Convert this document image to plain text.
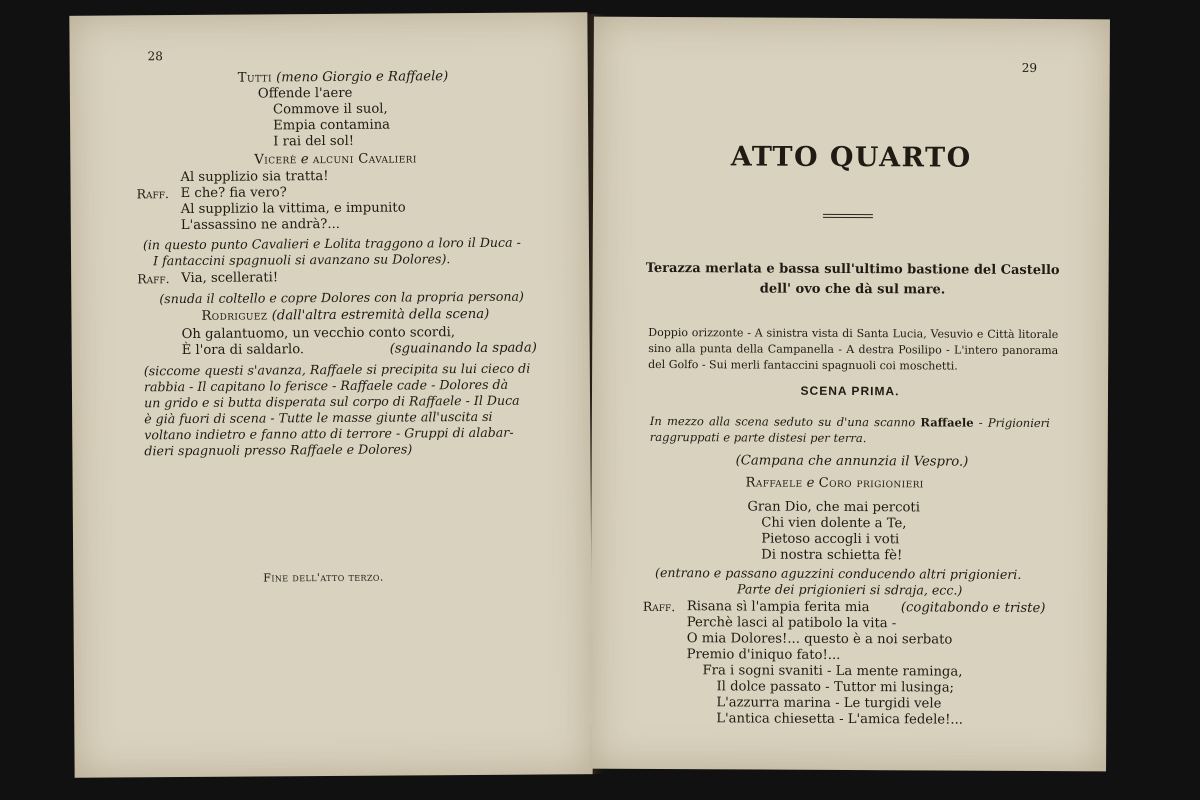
28
Tutti (meno Giorgio e Raffaele)
Offende l'aere
Commove il suol,
Empia contamina
I rai del sol!
Vicerè e alcuni Cavalieri
Al supplizio sia tratta!
Raff. E che? fia vero?
Al supplizio la vittima, e impunito
L'assassino ne andrà?...
(in questo punto Cavalieri e Lolita traggono a loro il Duca -
I fantaccini spagnuoli si avanzano su Dolores).
Raff. Via, scellerati!
(snuda il coltello e copre Dolores con la propria persona)
Rodriguez (dall'altra estremità della scena)
Oh galantuomo, un vecchio conto scordi,
È l'ora di saldarlo.	(sguainando la spada)
(siccome questi s'avanza, Raffaele si precipita su lui cieco di
rabbia - Il capitano lo ferisce - Raffaele cade - Dolores dà
un grido e si butta disperata sul corpo di Raffaele - Il Duca
è già fuori di scena - Tutte le masse giunte all'uscita si
voltano indietro e fanno atto di terrore - Gruppi di alabar-
dieri spagnuoli presso Raffaele e Dolores)
Fine dell'atto terzo.
29
ATTO QUARTO
Terazza merlata e bassa sull'ultimo bastione del Castello
dell' ovo che dà sul mare.
Doppio orizzonte - A sinistra vista di Santa Lucia, Vesuvio e Città litorale sino alla punta della Campanella - A destra Posilipo - L'intero panorama del Golfo - Sui merli fantaccini spagnuoli coi moschetti.
SCENA PRIMA.
In mezzo alla scena seduto su d'una scanno Raffaele - Prigionieri raggruppati e parte distesi per terra.
(Campana che annunzia il Vespro.)
Raffaele e Coro prigionieri
Gran Dio, che mai percoti
Chi vien dolente a Te,
Pietoso accogli i voti
Di nostra schietta fè!
(entrano e passano aguzzini conducendo altri prigionieri.
Parte dei prigionieri si sdraja, ecc.)
Raff. Risana sì l'ampia ferita mia (cogitabondo e triste)
Perchè lasci al patibolo la vita -
O mia Dolores!... questo è a noi serbato
Premio d'iniquo fato!...
Fra i sogni svaniti - La mente raminga,
Il dolce passato - Tuttor mi lusinga;
L'azzurra marina - Le turgidi vele
L'antica chiesetta - L'amica fedele!...
